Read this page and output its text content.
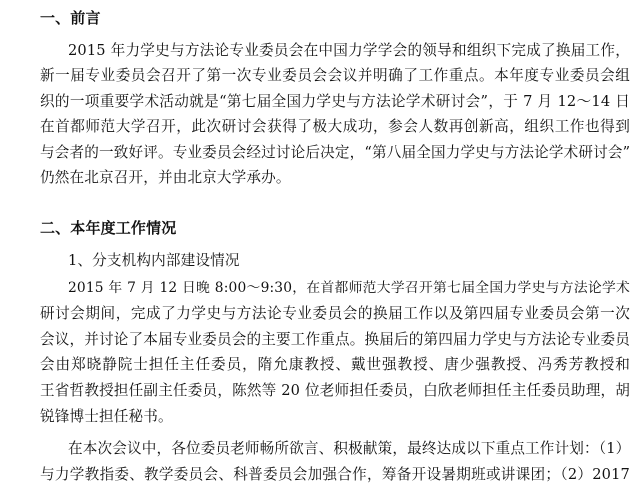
一、前言
2015 年力学史与方法论专业委员会在中国力学学会的领导和组织下完成了换届工作，
新一届专业委员会召开了第一次专业委员会会议并明确了工作重点。本年度专业委员会组
织的一项重要学术活动就是“第七届全国力学史与方法论学术研讨会”，于 7 月 12～14 日
在首都师范大学召开，此次研讨会获得了极大成功，参会人数再创新高，组织工作也得到
与会者的一致好评。专业委员会经过讨论后决定，“第八届全国力学史与方法论学术研讨会”
仍然在北京召开，并由北京大学承办。
二、本年度工作情况
1、分支机构内部建设情况
2015 年 7 月 12 日晚 8:00～9:30，在首都师范大学召开第七届全国力学史与方法论学术
研讨会期间，完成了力学史与方法论专业委员会的换届工作以及第四届专业委员会第一次
会议，并讨论了本届专业委员会的主要工作重点。换届后的第四届力学史与方法论专业委员
会由郑晓静院士担任主任委员，隋允康教授、戴世强教授、唐少强教授、冯秀芳教授和
王省哲教授担任副主任委员，陈然等 20 位老师担任委员，白欣老师担任主任委员助理，胡
锐锋博士担任秘书。
在本次会议中，各位委员老师畅所欲言、积极献策，最终达成以下重点工作计划：（1）
与力学教指委、教学委员会、科普委员会加强合作，筹备开设暑期班或讲课团；（2）2017
